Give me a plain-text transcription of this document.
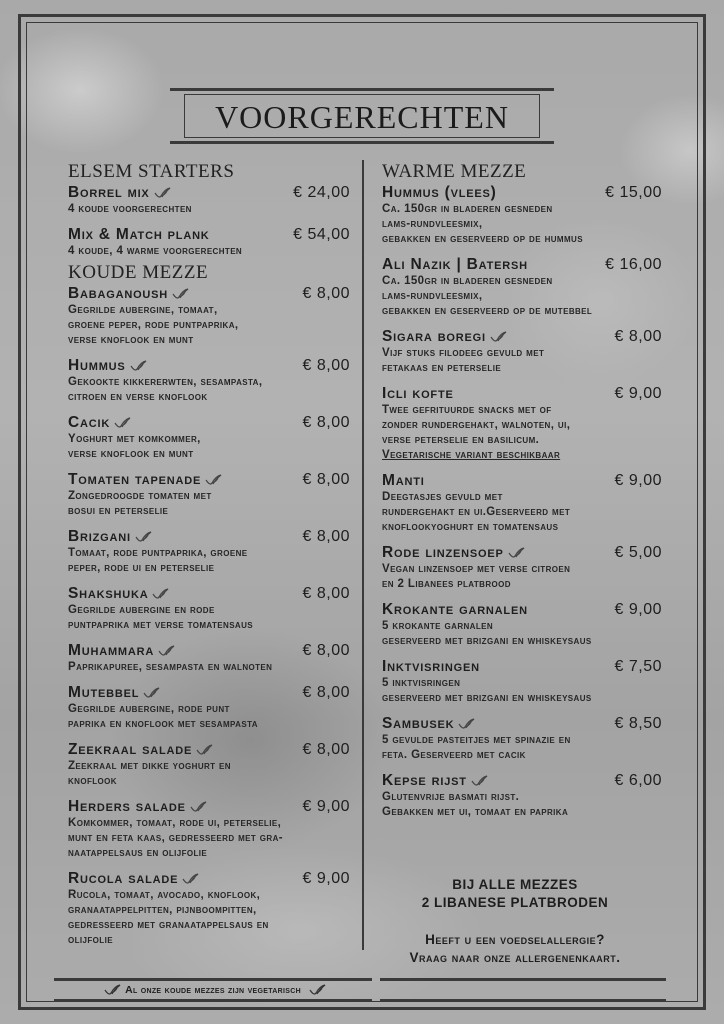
VOORGERECHTEN
ELSEM STARTERS
Borrel mix	€ 24,00
4 koude voorgerechten
Mix & Match plank	€ 54,00
4 koude, 4 warme voorgerechten
KOUDE MEZZE
Babaganoush	€ 8,00
Gegrilde aubergine, tomaat,
groene peper, rode puntpaprika,
verse knoflook en munt
Hummus	€ 8,00
Gekookte kikkererwten, sesampasta,
citroen en verse knoflook
Cacik	€ 8,00
Yoghurt met komkommer,
verse knoflook en munt
Tomaten tapenade	€ 8,00
Zongedroogde tomaten met
bosui en peterselie
Brizgani	€ 8,00
Tomaat, rode puntpaprika, groene
peper, rode ui en peterselie
Shakshuka	€ 8,00
Gegrilde aubergine en rode
puntpaprika met verse tomatensaus
Muhammara	€ 8,00
Paprikapuree, sesampasta en walnoten
Mutebbel	€ 8,00
Gegrilde aubergine, rode punt
paprika en knoflook met sesampasta
Zeekraal salade	€ 8,00
Zeekraal met dikke yoghurt en
knoflook
Herders salade	€ 9,00
Komkommer, tomaat, rode ui, peterselie,
munt en feta kaas, gedresseerd met gra-
naatappelsaus en olijfolie
Rucola salade	€ 9,00
Rucola, tomaat, avocado, knoflook,
granaatappelpitten, pijnboompitten,
gedresseerd met granaatappelsaus en
olijfolie
WARME MEZZE
Hummus (vlees)	€ 15,00
Ca. 150gr in bladeren gesneden
lams-rundvleesmix,
gebakken en geserveerd op de hummus
Ali Nazik | Batersh	€ 16,00
Ca. 150gr in bladeren gesneden
lams-rundvleesmix,
gebakken en geserveerd op de mutebbel
Sigara boregi	€ 8,00
Vijf stuks filodeeg gevuld met
fetakaas en peterselie
Icli kofte	€ 9,00
Twee gefrituurde snacks met of
zonder rundergehakt, walnoten, ui,
verse peterselie en basilicum.
Vegetarische variant beschikbaar
Manti	€ 9,00
Deegtasjes gevuld met
rundergehakt en ui.Geserveerd met
knoflookyoghurt en tomatensaus
Rode linzensoep	€ 5,00
Vegan linzensoep met verse citroen
en 2 Libanees platbrood
Krokante garnalen	€ 9,00
5 krokante garnalen
geserveerd met brizgani en whiskeysaus
Inktvisringen	€ 7,50
5 inktvisringen
geserveerd met brizgani en whiskeysaus
Sambusek	€ 8,50
5 gevulde pasteitjes met spinazie en
feta. Geserveerd met cacik
Kepse rijst	€ 6,00
Glutenvrije basmati rijst.
Gebakken met ui, tomaat en paprika
BIJ ALLE MEZZES
2 LIBANESE PLATBRODEN
Heeft u een voedselallergie?
Vraag naar onze allergenenkaart.
Al onze koude mezzes zijn vegetarisch
